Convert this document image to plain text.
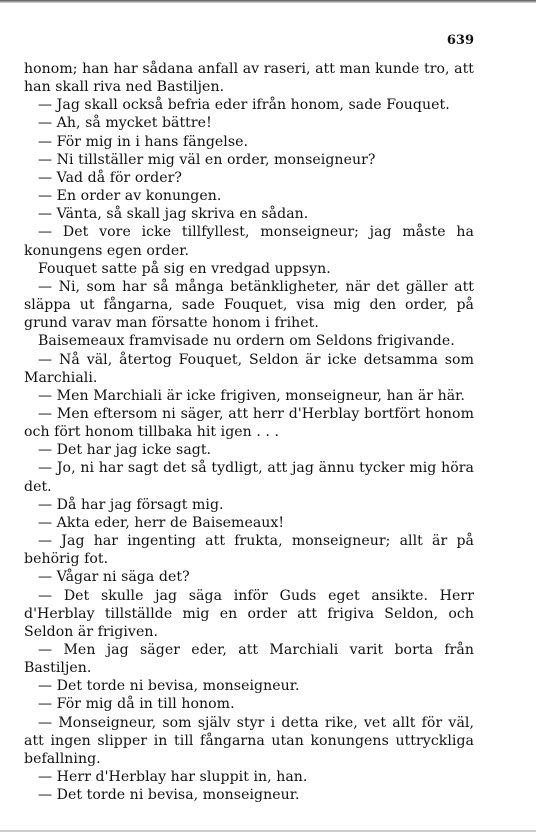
639

honom; han har sådana anfall av raseri, att man kunde tro, att han skall riva ned Bastiljen.

— Jag skall också befria eder ifrån honom, sade Fouquet.

— Ah, så mycket bättre!

— För mig in i hans fängelse.

— Ni tillställer mig väl en order, monseigneur?

— Vad då för order?

— En order av konungen.

— Vänta, så skall jag skriva en sådan.

— Det vore icke tillfyllest, monseigneur; jag måste ha konungens egen order.

Fouquet satte på sig en vredgad uppsyn.

— Ni, som har så många betänkligheter, när det gäller att släppa ut fångarna, sade Fouquet, visa mig den order, på grund varav man försatte honom i frihet.

Baisemeaux framvisade nu ordern om Seldons frigivande.

— Nå väl, återtog Fouquet, Seldon är icke detsamma som Marchiali.

— Men Marchiali är icke frigiven, monseigneur, han är här.

— Men eftersom ni säger, att herr d'Herblay bortfört honom och fört honom tillbaka hit igen . . .

— Det har jag icke sagt.

— Jo, ni har sagt det så tydligt, att jag ännu tycker mig höra det.

— Då har jag försagt mig.

— Akta eder, herr de Baisemeaux!

— Jag har ingenting att frukta, monseigneur; allt är på behörig fot.

— Vågar ni säga det?

— Det skulle jag säga inför Guds eget ansikte. Herr d'Herblay tillställde mig en order att frigiva Seldon, och Seldon är frigiven.

— Men jag säger eder, att Marchiali varit borta från Bastiljen.

— Det torde ni bevisa, monseigneur.

— För mig då in till honom.

— Monseigneur, som själv styr i detta rike, vet allt för väl, att ingen slipper in till fångarna utan konungens uttryckliga befallning.

— Herr d'Herblay har sluppit in, han.

— Det torde ni bevisa, monseigneur.
